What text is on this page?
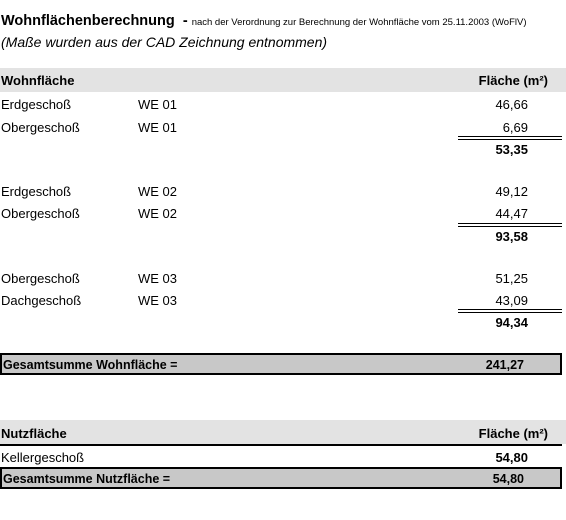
Wohnflächenberechnung - nach der Verordnung zur Berechnung der Wohnfläche vom 25.11.2003 (WoFlV)
(Maße wurden aus der CAD Zeichnung entnommen)
Wohnfläche	Fläche (m²)
Erdgeschoß	WE 01	46,66
Obergeschoß	WE 01	6,69
53,35
Erdgeschoß	WE 02	49,12
Obergeschoß	WE 02	44,47
93,58
Obergeschoß	WE 03	51,25
Dachgeschoß	WE 03	43,09
94,34
Gesamtsumme Wohnfläche =	241,27
Nutzfläche	Fläche (m²)
Kellergeschoß	54,80
Gesamtsumme Nutzfläche =	54,80
